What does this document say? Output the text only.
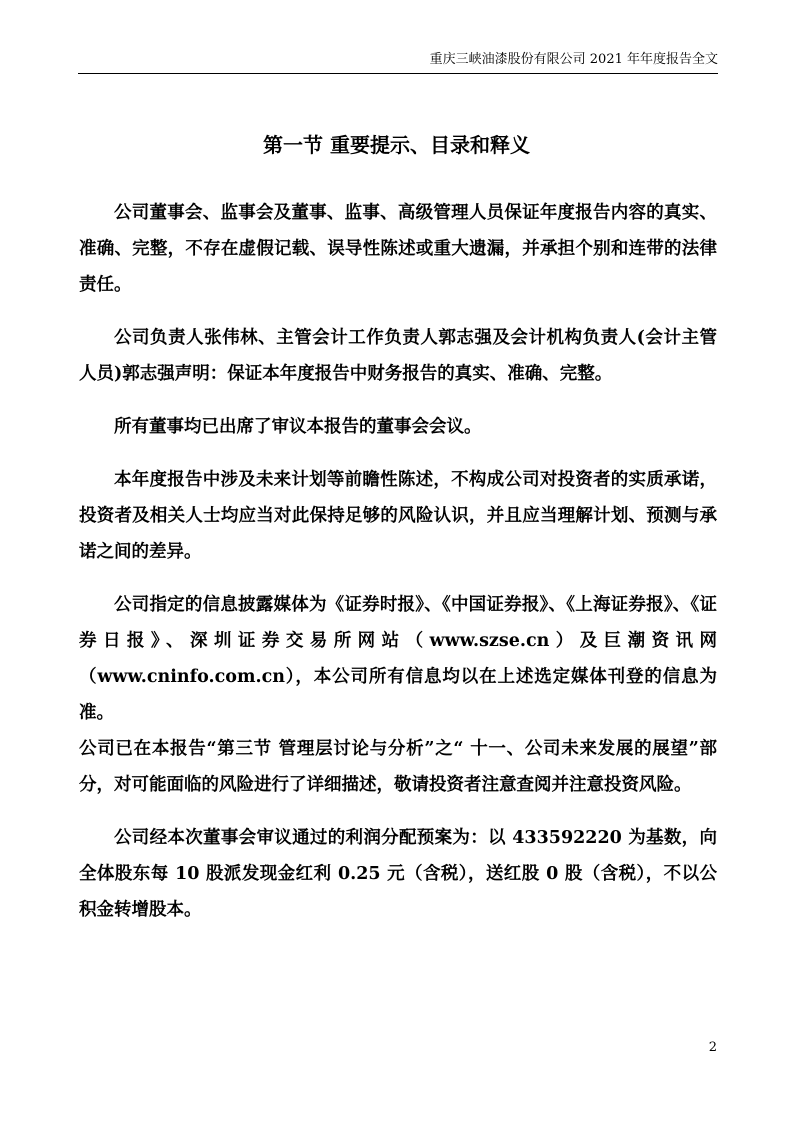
重庆三峡油漆股份有限公司 2021 年年度报告全文
第一节 重要提示、目录和释义

公司董事会、监事会及董事、监事、高级管理人员保证年度报告内容的真实、准确、完整，不存在虚假记载、误导性陈述或重大遗漏，并承担个别和连带的法律责任。

公司负责人张伟林、主管会计工作负责人郭志强及会计机构负责人(会计主管人员)郭志强声明：保证本年度报告中财务报告的真实、准确、完整。

所有董事均已出席了审议本报告的董事会会议。

本年度报告中涉及未来计划等前瞻性陈述，不构成公司对投资者的实质承诺，投资者及相关人士均应当对此保持足够的风险认识，并且应当理解计划、预测与承诺之间的差异。

公司指定的信息披露媒体为《证券时报》、《中国证券报》、《上海证券报》、《证券日报》、深圳证券交易所网站（www.szse.cn）及巨潮资讯网（www.cninfo.com.cn），本公司所有信息均以在上述选定媒体刊登的信息为准。

公司已在本报告“第三节 管理层讨论与分析”之“ 十一、公司未来发展的展望”部分，对可能面临的风险进行了详细描述，敬请投资者注意查阅并注意投资风险。

公司经本次董事会审议通过的利润分配预案为：以 433592220 为基数，向全体股东每 10 股派发现金红利 0.25 元（含税），送红股 0 股（含税），不以公积金转增股本。

2
